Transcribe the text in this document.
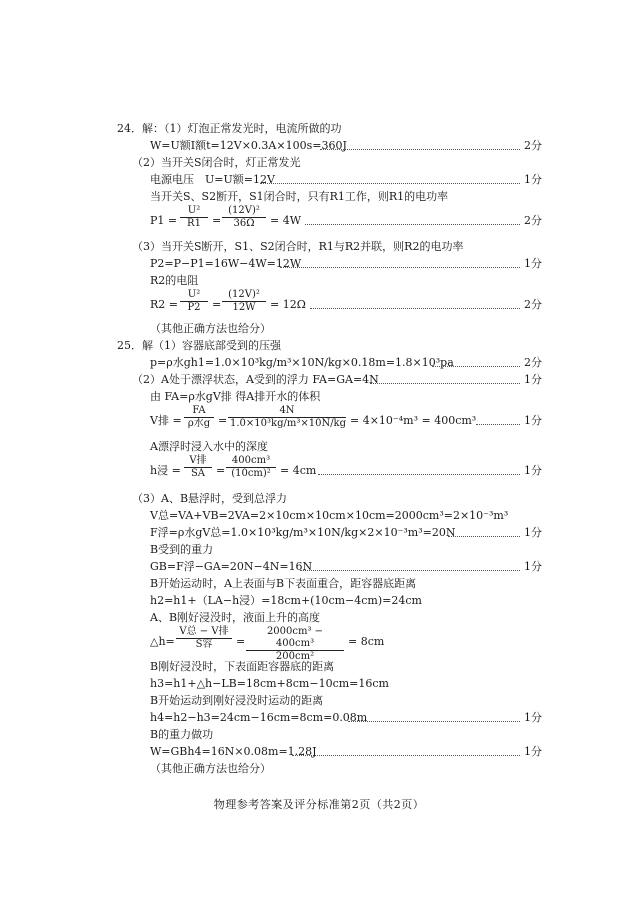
24．解：（1）灯泡正常发光时，电流所做的功
W=U额I额t=12V×0.3A×100s=360J	2分
（2）当开关S闭合时，灯正常发光
电源电压　U=U额=12V	1分
当开关S、S2断开，S1闭合时，只有R1工作，则R1的电功率
$P1 = \frac{\text{U²}}{R1} = \frac{\text{(12V)²}}{36\Omega} = 4W$	2分
（3）当开关S断开，S1、S2闭合时，R1与R2并联，则R2的电功率
P2=P−P1=16W−4W=12W	1分
R2的电阻
$R2 = \frac{\text{U²}}{P2} = \frac{\text{(12V)²}}{12W} = 12\Omega$	2分
（其他正确方法也给分）
25．解（1）容器底部受到的压强
p=ρ水gh1=1.0×10³kg/m³×10N/kg×0.18m=1.8×10³pa	2分
（2）A处于漂浮状态，A受到的浮力 FA=GA=4N	1分
由 FA=ρ水gV排 得A排开水的体积
V排 =
FA
ρ水$g = \frac{4N}{\text{1.0×10³kg/m³×10N/kg}} = 4\times 10^{-4}m^3 = 400cm^3$	1分
A漂浮时浸入水中的深度
h浸 =
V排
SA = $\frac{\text{400cm³}}{\text{(10cm)²}} = 4cm$	1分
（3）A、B悬浮时，受到总浮力
V总=VA+VB=2VA=2×10cm×10cm×10cm=2000cm³=2×10⁻³m³
F浮=ρ水gV总=1.0×10³kg/m³×10N/kg×2×10⁻³m³=20N	1分
B受到的重力
GB=F浮−GA=20N−4N=16N	1分
B开始运动时，A上表面与B下表面重合，距容器底距离
h2=h1+（LA−h浸）=18cm+(10cm−4cm)=24cm
A、B刚好浸没时，液面上升的高度
△h=
V总 − V排
S容	= $\frac{\text{2000cm³ − 400cm³}}{\text{200cm²}} = 8cm$
B刚好浸没时，下表面距容器底的距离
h3=h1+△h−LB=18cm+8cm−10cm=16cm
B开始运动到刚好浸没时运动的距离
h4=h2−h3=24cm−16cm=8cm=0.08m	1分
B的重力做功
W=GBh4=16N×0.08m=1.28J	1分
（其他正确方法也给分）
物理参考答案及评分标准第2页（共2页）
